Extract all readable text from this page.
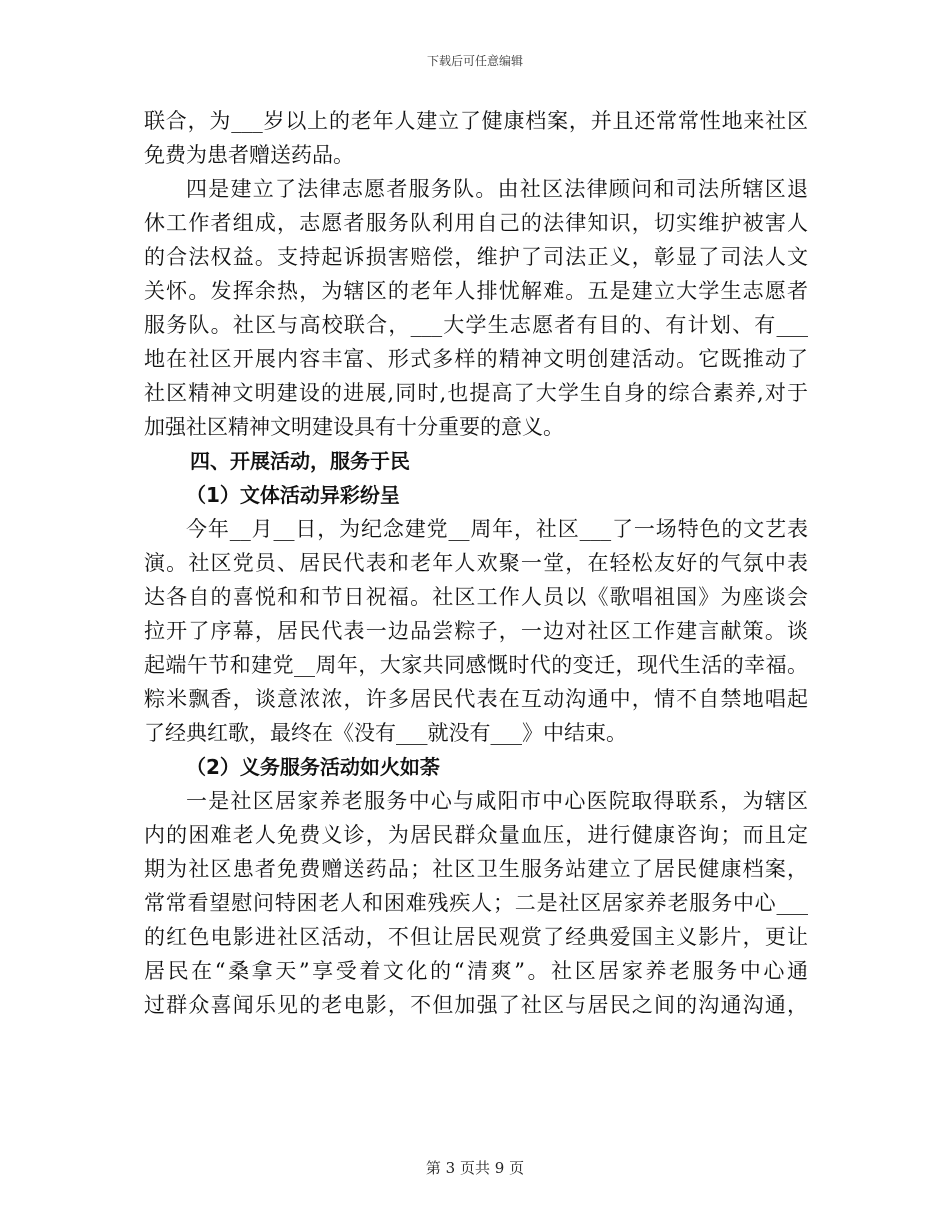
下载后可任意编辑
联合，为___岁以上的老年人建立了健康档案，并且还常常性地来社区
免费为患者赠送药品。
四是建立了法律志愿者服务队。由社区法律顾问和司法所辖区退
休工作者组成，志愿者服务队利用自己的法律知识，切实维护被害人
的合法权益。支持起诉损害赔偿，维护了司法正义，彰显了司法人文
关怀。发挥余热，为辖区的老年人排忧解难。五是建立大学生志愿者
服务队。社区与高校联合，___大学生志愿者有目的、有计划、有___
地在社区开展内容丰富、形式多样的精神文明创建活动。它既推动了
社区精神文明建设的进展,同时,也提高了大学生自身的综合素养,对于
加强社区精神文明建设具有十分重要的意义。
四、开展活动，服务于民
（1）文体活动异彩纷呈
今年__月__日，为纪念建党__周年，社区___了一场特色的文艺表
演。社区党员、居民代表和老年人欢聚一堂，在轻松友好的气氛中表
达各自的喜悦和和节日祝福。社区工作人员以《歌唱祖国》为座谈会
拉开了序幕，居民代表一边品尝粽子，一边对社区工作建言献策。谈
起端午节和建党__周年，大家共同感慨时代的变迁，现代生活的幸福。
粽米飘香，谈意浓浓，许多居民代表在互动沟通中，情不自禁地唱起
了经典红歌，最终在《没有___就没有___》中结束。
（2）义务服务活动如火如荼
一是社区居家养老服务中心与咸阳市中心医院取得联系，为辖区
内的困难老人免费义诊，为居民群众量血压，进行健康咨询；而且定
期为社区患者免费赠送药品；社区卫生服务站建立了居民健康档案，
常常看望慰问特困老人和困难残疾人；二是社区居家养老服务中心___
的红色电影进社区活动，不但让居民观赏了经典爱国主义影片，更让
居民在“桑拿天”享受着文化的“清爽”。社区居家养老服务中心通
过群众喜闻乐见的老电影，不但加强了社区与居民之间的沟通沟通，
第 3 页共 9 页
